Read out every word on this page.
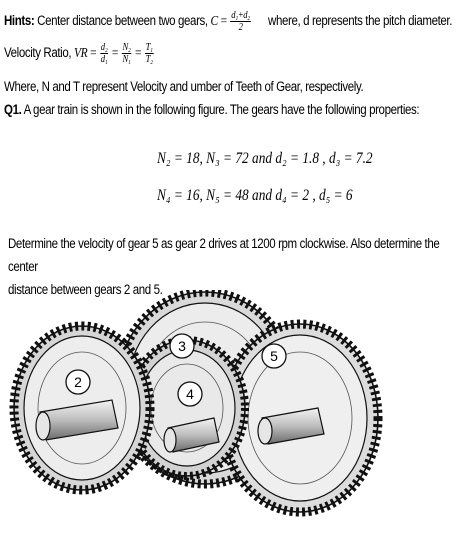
Hints: Center distance between two gears, $C = \frac{\text{d₁+d₂}}{2}$ where, d represents the pitch diameter.
Velocity Ratio, VR = $\frac{\text{d₂}}{\text{d₁}} = \frac{\text{N₂}}{\text{N₁}} = \frac{\text{T₁}}{\text{T₂}}$
Where, N and T represent Velocity and umber of Teeth of Gear, respectively.
Q1. A gear train is shown in the following figure. The gears have the following properties:
N₂ = 18, N₃ = 72 and d₂ = 1.8 , d₃ = 7.2
N₄ = 16, N₅ = 48 and d₄ = 2 , d₅ = 6
Determine the velocity of gear 5 as gear 2 drives at 1200 rpm clockwise. Also determine the center
distance between gears 2 and 5.
2
3
4
5
